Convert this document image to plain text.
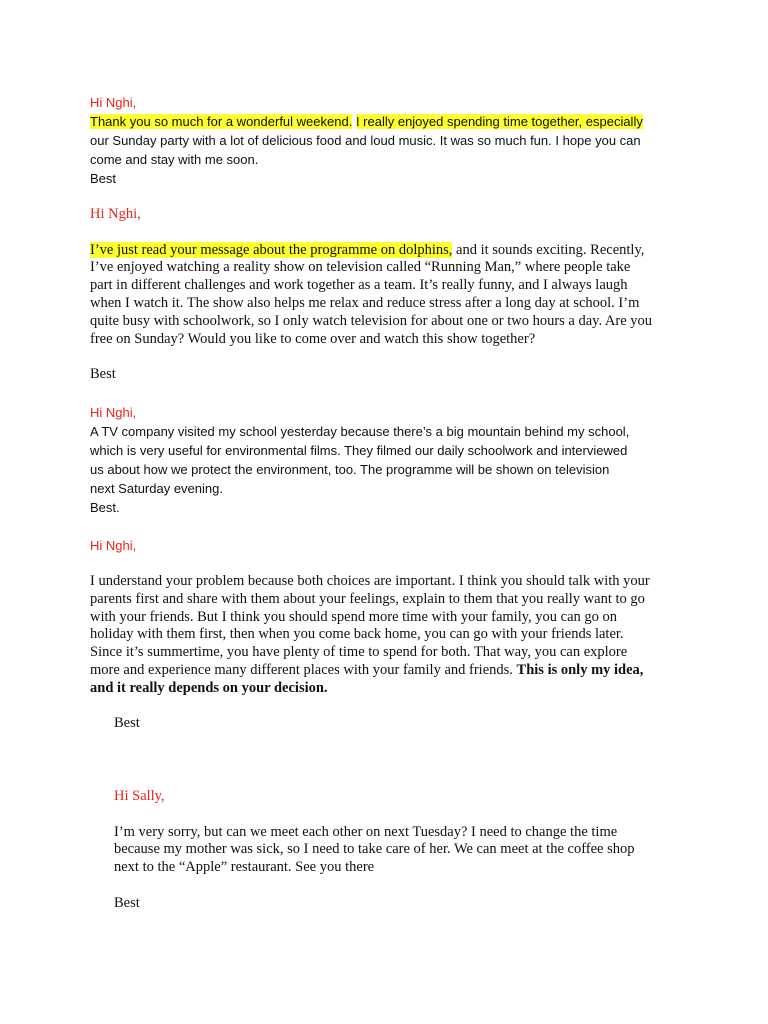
Hi Nghi,

Thank you so much for a wonderful weekend. I really enjoyed spending time together, especially

our Sunday party with a lot of delicious food and loud music. It was so much fun. I hope you can

come and stay with me soon.

Best

Hi Nghi,

I’ve just read your message about the programme on dolphins, and it sounds exciting. Recently,

I’ve enjoyed watching a reality show on television called “Running Man,” where people take

part in different challenges and work together as a team. It’s really funny, and I always laugh

when I watch it. The show also helps me relax and reduce stress after a long day at school. I’m

quite busy with schoolwork, so I only watch television for about one or two hours a day. Are you

free on Sunday? Would you like to come over and watch this show together?

Best

Hi Nghi,

A TV company visited my school yesterday because there’s a big mountain behind my school,

which is very useful for environmental films. They filmed our daily schoolwork and interviewed

us about how we protect the environment, too. The programme will be shown on television

next Saturday evening.

Best.

Hi Nghi,

I understand your problem because both choices are important. I think you should talk with your

parents first and share with them about your feelings, explain to them that you really want to go

with your friends. But I think you should spend more time with your family, you can go on

holiday with them first, then when you come back home, you can go with your friends later.

Since it’s summertime, you have plenty of time to spend for both. That way, you can explore

more and experience many different places with your family and friends. This is only my idea,

and it really depends on your decision.

Best

Hi Sally,

I’m very sorry, but can we meet each other on next Tuesday? I need to change the time

because my mother was sick, so I need to take care of her. We can meet at the coffee shop

next to the “Apple” restaurant. See you there

Best
